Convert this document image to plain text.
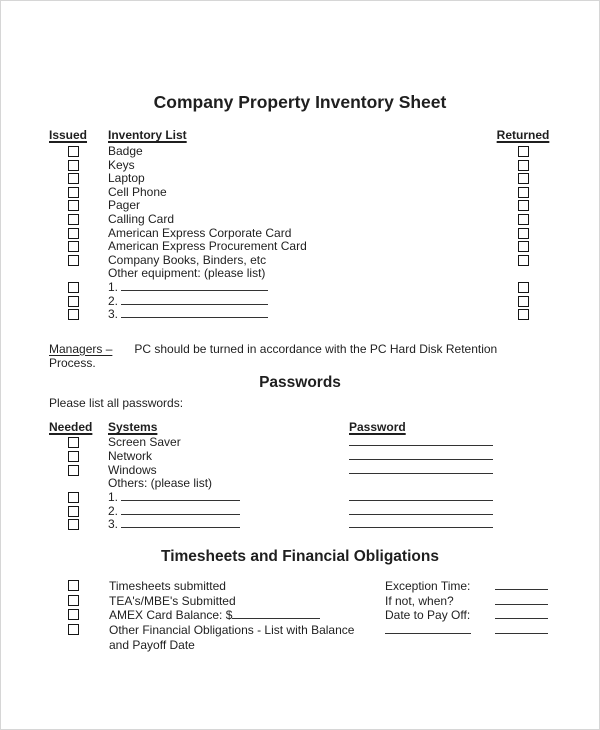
Company Property Inventory Sheet
Issued	Inventory List	Returned
Badge
Keys
Laptop
Cell Phone
Pager
Calling Card
American Express Corporate Card
American Express Procurement Card
Company Books, Binders, etc
Other equipment: (please list)
1.
2.
3.

Managers – PC should be turned in accordance with the PC Hard Disk Retention
Process.

Passwords
Please list all passwords:
Needed	Systems	Password
Screen Saver
Network
Windows
Others: (please list)
1.
2.
3.
Timesheets and Financial Obligations
Timesheets submitted	Exception Time:
TEA's/MBE's Submitted	If not, when?
AMEX Card Balance: $	Date to Pay Off:
Other Financial Obligations - List with Balance and Payoff Date
